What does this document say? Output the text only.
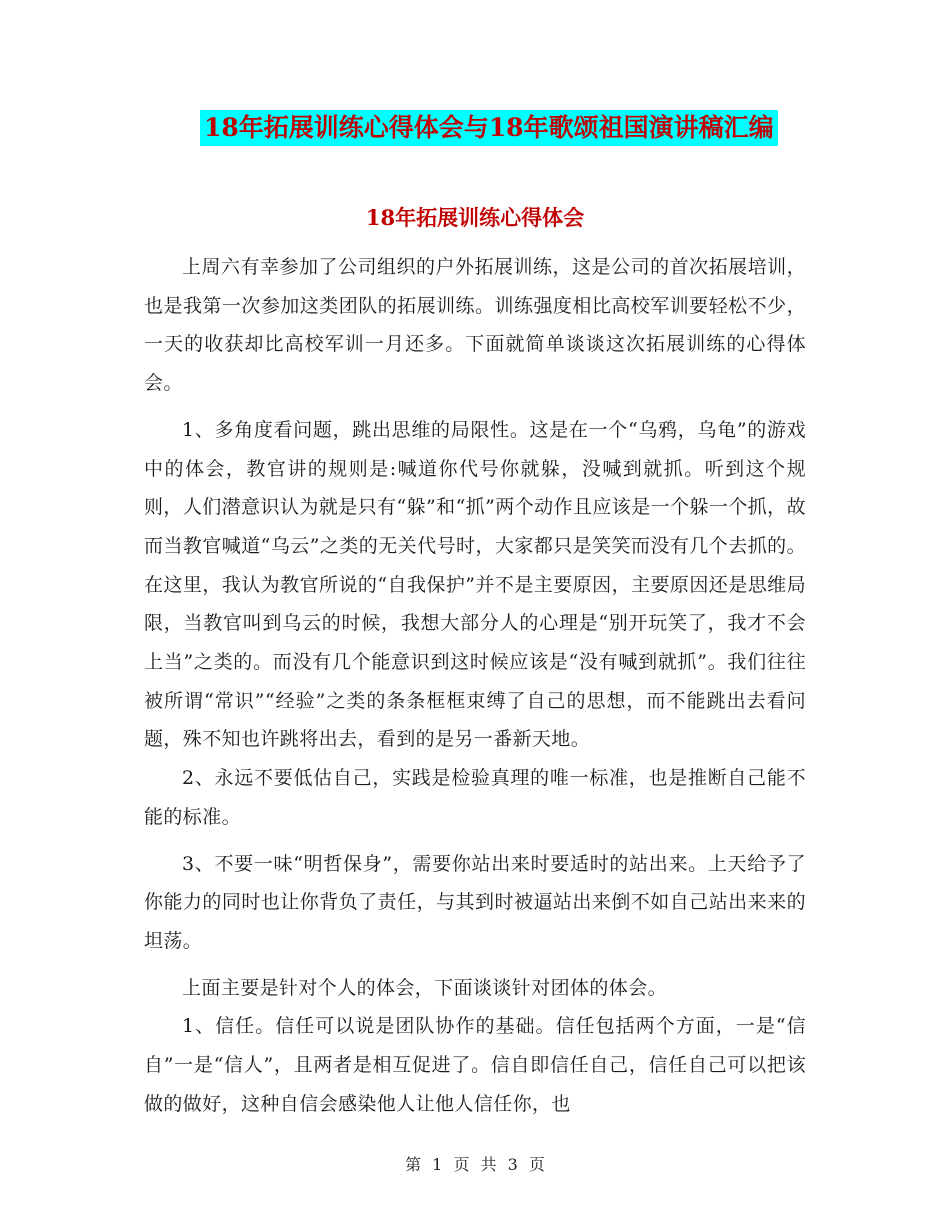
18年拓展训练心得体会与18年歌颂祖国演讲稿汇编
18年拓展训练心得体会

上周六有幸参加了公司组织的户外拓展训练，这是公司的首次拓展培训，也是我第一次参加这类团队的拓展训练。训练强度相比高校军训要轻松不少，一天的收获却比高校军训一月还多。下面就简单谈谈这次拓展训练的心得体会。

1、多角度看问题，跳出思维的局限性。这是在一个“乌鸦，乌龟”的游戏中的体会，教官讲的规则是:喊道你代号你就躲，没喊到就抓。听到这个规则，人们潜意识认为就是只有“躲”和“抓”两个动作且应该是一个躲一个抓，故而当教官喊道“乌云”之类的无关代号时，大家都只是笑笑而没有几个去抓的。在这里，我认为教官所说的“自我保护”并不是主要原因，主要原因还是思维局限，当教官叫到乌云的时候，我想大部分人的心理是“别开玩笑了，我才不会上当”之类的。而没有几个能意识到这时候应该是“没有喊到就抓”。我们往往被所谓“常识”“经验”之类的条条框框束缚了自己的思想，而不能跳出去看问题，殊不知也许跳将出去，看到的是另一番新天地。

2、永远不要低估自己，实践是检验真理的唯一标准，也是推断自己能不能的标准。

3、不要一味“明哲保身”，需要你站出来时要适时的站出来。上天给予了你能力的同时也让你背负了责任，与其到时被逼站出来倒不如自己站出来来的坦荡。

上面主要是针对个人的体会，下面谈谈针对团体的体会。

1、信任。信任可以说是团队协作的基础。信任包括两个方面，一是“信自”一是“信人”，且两者是相互促进了。信自即信任自己，信任自己可以把该做的做好，这种自信会感染他人让他人信任你，也

第 1 页 共 3 页
